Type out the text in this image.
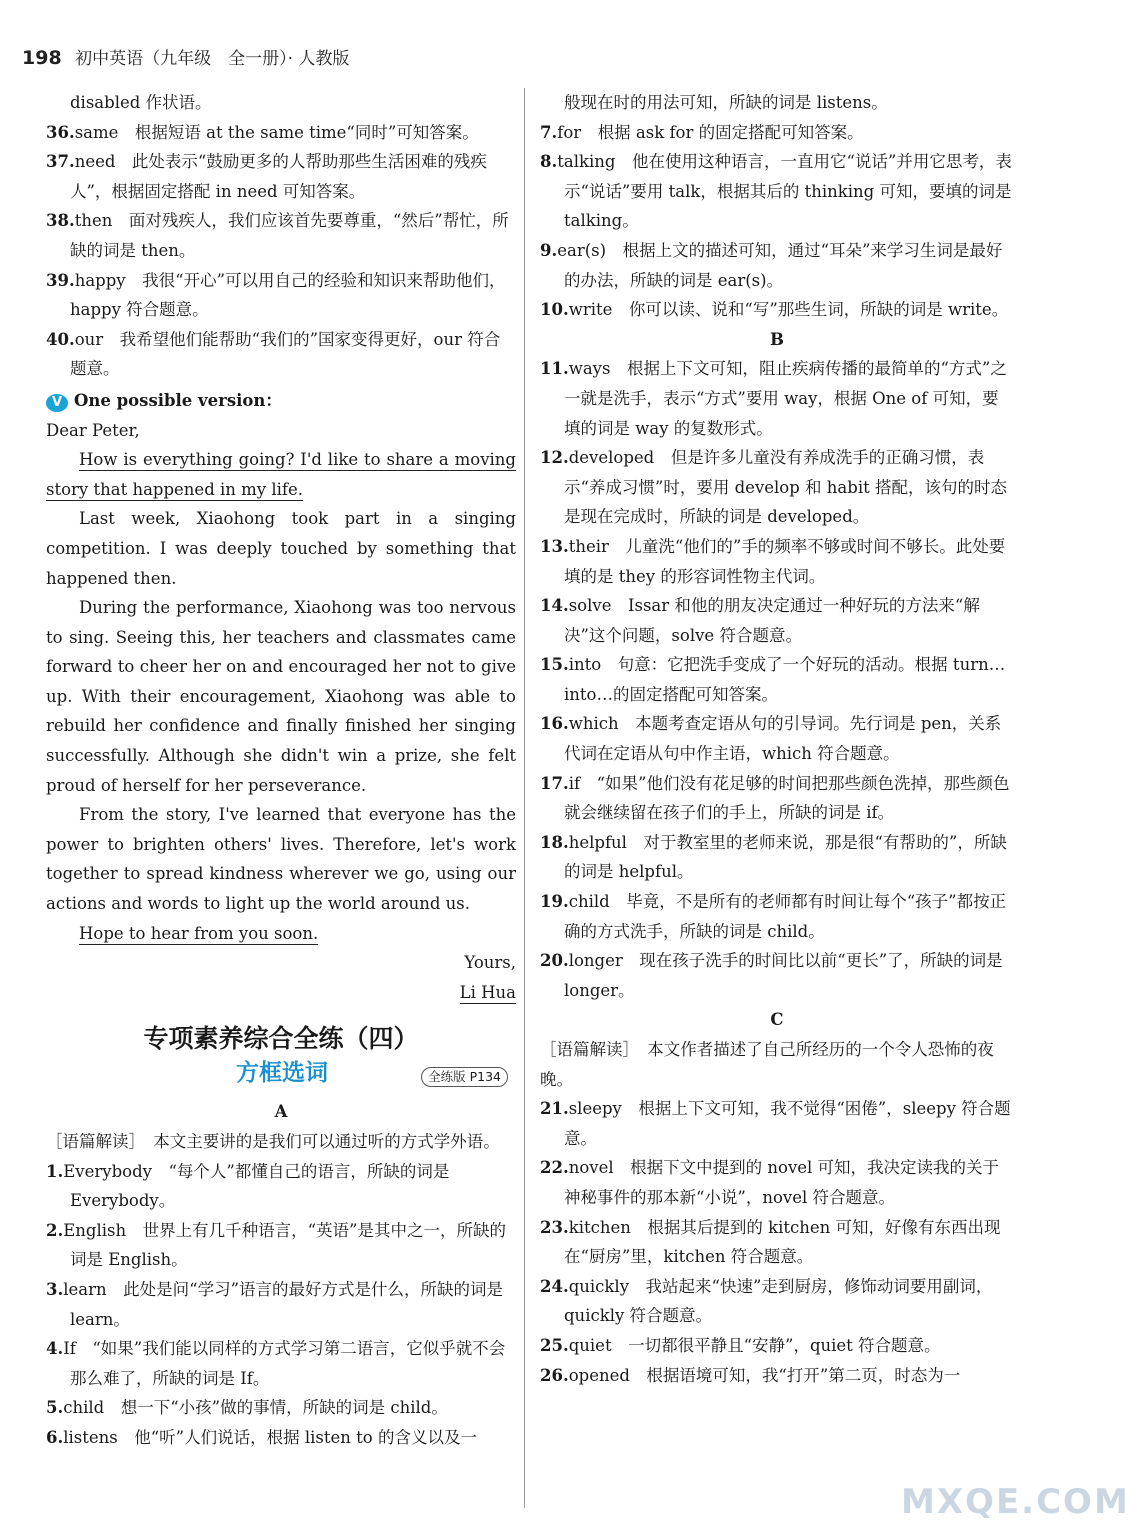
198 初中英语（九年级　全一册）· 人教版
disabled 作状语。
36.same　根据短语 at the same time“同时”可知答案。
37.need　此处表示“鼓励更多的人帮助那些生活困难的残疾人”，根据固定搭配 in need 可知答案。
38.then　面对残疾人，我们应该首先要尊重，“然后”帮忙，所缺的词是 then。
39.happy　我很“开心”可以用自己的经验和知识来帮助他们，happy 符合题意。
40.our　我希望他们能帮助“我们的”国家变得更好，our 符合题意。
V One possible version：
Dear Peter,
How is everything going? I'd like to share a moving story that happened in my life.
Last week, Xiaohong took part in a singing competition. I was deeply touched by something that happened then.
During the performance, Xiaohong was too nervous to sing. Seeing this, her teachers and classmates came forward to cheer her on and encouraged her not to give up. With their encouragement, Xiaohong was able to rebuild her confidence and finally finished her singing successfully. Although she didn't win a prize, she felt proud of herself for her perseverance.
From the story, I've learned that everyone has the power to brighten others' lives. Therefore, let's work together to spread kindness wherever we go, using our actions and words to light up the world around us.
Hope to hear from you soon.
Yours,
Li Hua
专项素养综合全练（四）
方框选词	全练版 P134
A
［语篇解读］　 本文主要讲的是我们可以通过听的方式学外语。
1.Everybody　“每个人”都懂自己的语言，所缺的词是 Everybody。
2.English　世界上有几千种语言，“英语”是其中之一，所缺的词是 English。
3.learn　此处是问“学习”语言的最好方式是什么，所缺的词是 learn。
4.If　“如果”我们能以同样的方式学习第二语言，它似乎就不会那么难了，所缺的词是 If。
5.child　想一下“小孩”做的事情，所缺的词是 child。
6.listens　他“听”人们说话，根据 listen to 的含义以及一
般现在时的用法可知，所缺的词是 listens。
7.for　根据 ask for 的固定搭配可知答案。
8.talking　他在使用这种语言，一直用它“说话”并用它思考，表示“说话”要用 talk，根据其后的 thinking 可知，要填的词是 talking。
9.ear(s)　根据上文的描述可知，通过“耳朵”来学习生词是最好的办法，所缺的词是 ear(s)。
10.write　你可以读、说和“写”那些生词，所缺的词是 write。
B
11.ways　根据上下文可知，阻止疾病传播的最简单的“方式”之一就是洗手，表示“方式”要用 way，根据 One of 可知，要填的词是 way 的复数形式。
12.developed　但是许多儿童没有养成洗手的正确习惯，表示“养成习惯”时，要用 develop 和 habit 搭配，该句的时态是现在完成时，所缺的词是 developed。
13.their　儿童洗“他们的”手的频率不够或时间不够长。此处要填的是 they 的形容词性物主代词。
14.solve　Issar 和他的朋友决定通过一种好玩的方法来“解决”这个问题，solve 符合题意。
15.into　句意：它把洗手变成了一个好玩的活动。根据 turn…into…的固定搭配可知答案。
16.which　本题考查定语从句的引导词。先行词是 pen，关系代词在定语从句中作主语，which 符合题意。
17.if　“如果”他们没有花足够的时间把那些颜色洗掉，那些颜色就会继续留在孩子们的手上，所缺的词是 if。
18.helpful　对于教室里的老师来说，那是很“有帮助的”，所缺的词是 helpful。
19.child　毕竟，不是所有的老师都有时间让每个“孩子”都按正确的方式洗手，所缺的词是 child。
20.longer　现在孩子洗手的时间比以前“更长”了，所缺的词是 longer。
C
［语篇解读］　 本文作者描述了自己所经历的一个令人恐怖的夜晚。
21.sleepy　根据上下文可知，我不觉得“困倦”，sleepy 符合题意。
22.novel　根据下文中提到的 novel 可知，我决定读我的关于神秘事件的那本新“小说”，novel 符合题意。
23.kitchen　根据其后提到的 kitchen 可知，好像有东西出现在“厨房”里，kitchen 符合题意。
24.quickly　我站起来“快速”走到厨房，修饰动词要用副词，quickly 符合题意。
25.quiet　一切都很平静且“安静”，quiet 符合题意。
26.opened　根据语境可知，我“打开”第二页，时态为一
MXQE.COM
